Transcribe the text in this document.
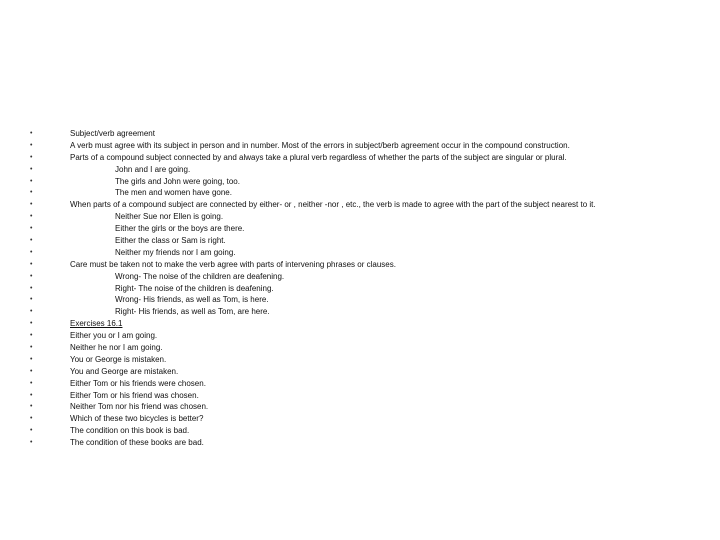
•	Subject/verb agreement
•	A verb must agree with its subject in person and in number. Most of the errors in subject/berb agreement occur in the compound construction.
•	Parts of a compound subject connected by and always take a plural verb regardless of whether the parts of the subject are singular or plural.
•	John and I are going.
•	The girls and John were going, too.
•	The men and women have gone.
•	When parts of a compound subject are connected by either- or , neither -nor , etc., the verb is made to agree with the part of the subject nearest to it.
•	Neither Sue nor Ellen is going.
•	Either the girls or the boys are there.
•	Either the class or Sam is right.
•	Neither my friends nor I am going.
•	Care must be taken not to make the verb agree with parts of intervening phrases or clauses.
•	Wrong- The noise of the children are deafening.
•	Right- The noise of the children is deafening.
•	Wrong- His friends, as well as Tom, is here.
•	Right- His friends, as well as Tom, are here.
•	Exercises 16.1
•	Either you or I am going.
•	Neither he nor I am going.
•	You or George is mistaken.
•	You and George are mistaken.
•	Either Tom or his friends were chosen.
•	Either Tom or his friend was chosen.
•	Neither Tom nor his friend was chosen.
•	Which of these two bicycles is better?
•	The condition on this book is bad.
•	The condition of these books are bad.
